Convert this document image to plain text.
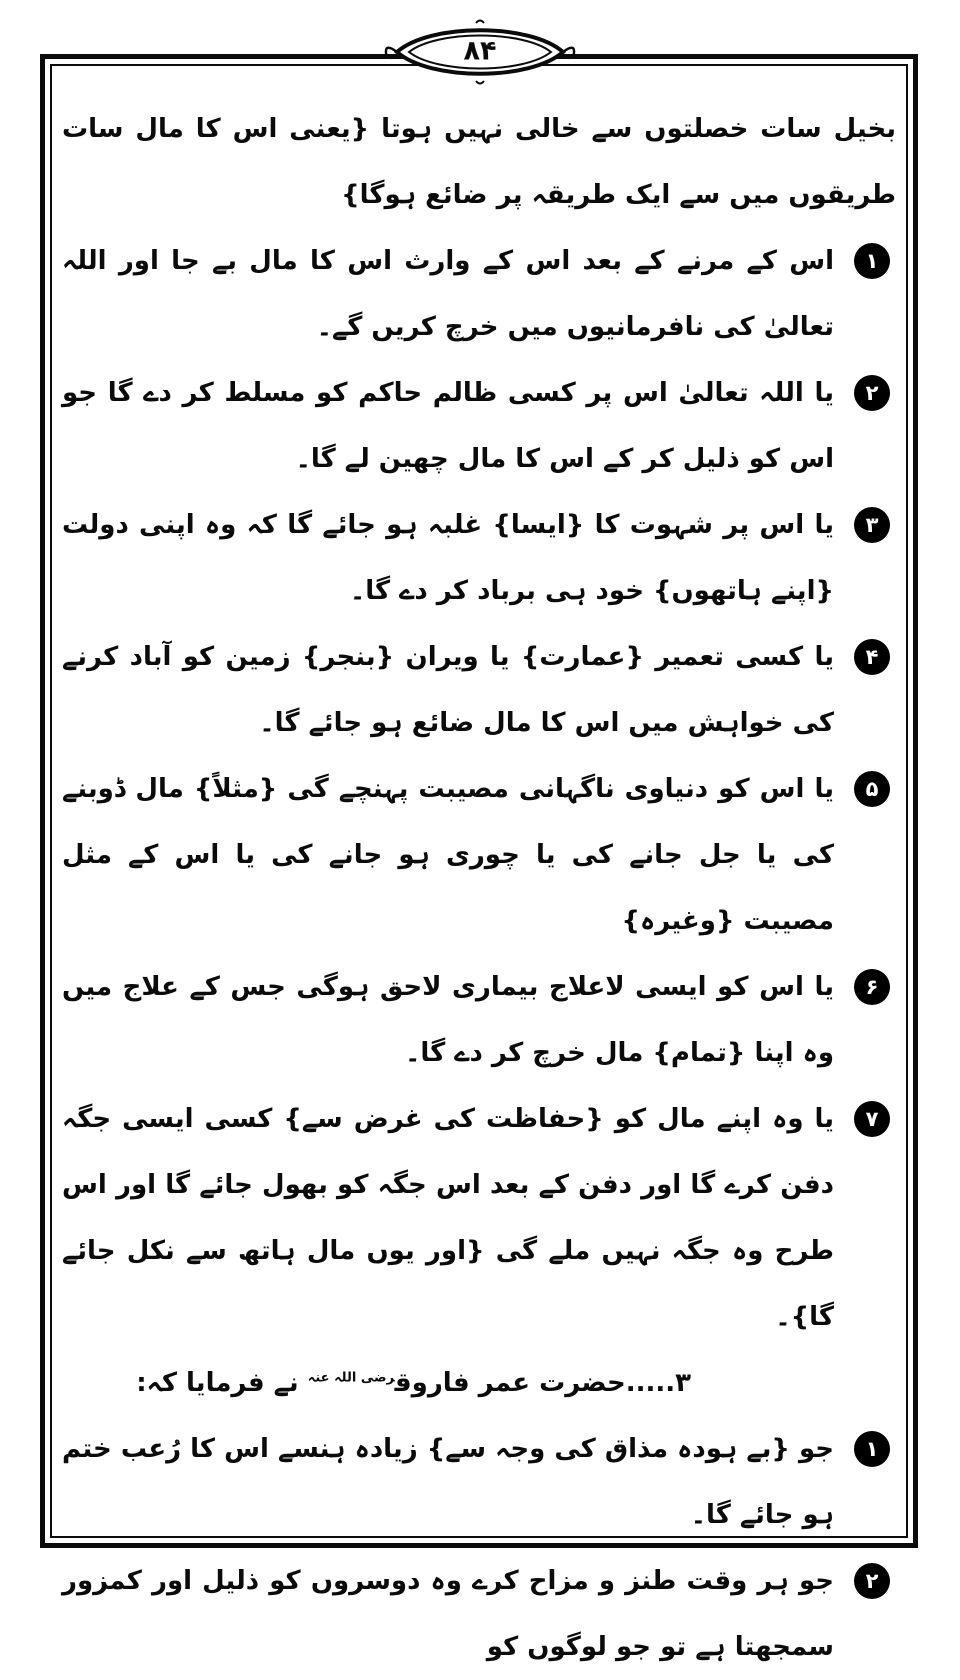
۸۴

بخیل سات خصلتوں سے خالی نہیں ہوتا {یعنی اس کا مال سات طریقوں میں سے ایک طریقہ پر ضائع ہوگا}

۱
اس کے مرنے کے بعد اس کے وارث اس کا مال بے جا اور اللہ تعالیٰ کی نافرمانیوں میں خرچ کریں گے۔
۲
یا اللہ تعالیٰ اس پر کسی ظالم حاکم کو مسلط کر دے گا جو اس کو ذلیل کر کے اس کا مال چھین لے گا۔
۳
یا اس پر شہوت کا {ایسا} غلبہ ہو جائے گا کہ وہ اپنی دولت {اپنے ہاتھوں} خود ہی برباد کر دے گا۔
۴
یا کسی تعمیر {عمارت} یا ویران {بنجر} زمین کو آباد کرنے کی خواہش میں اس کا مال ضائع ہو جائے گا۔
۵
یا اس کو دنیاوی ناگہانی مصیبت پہنچے گی {مثلاً} مال ڈوبنے کی یا جل جانے کی یا چوری ہو جانے کی یا اس کے مثل مصیبت {وغیرہ}
۶
یا اس کو ایسی لاعلاج بیماری لاحق ہوگی جس کے علاج میں وہ اپنا {تمام} مال خرچ کر دے گا۔
۷
یا وہ اپنے مال کو {حفاظت کی غرض سے} کسی ایسی جگہ دفن کرے گا اور دفن کے بعد اس جگہ کو بھول جائے گا اور اس طرح وہ جگہ نہیں ملے گی {اور یوں مال ہاتھ سے نکل جائے گا}۔

۳.....حضرت عمر فاروق$^{رضی اللہ عنہ}$ نے فرمایا کہ:

۱
جو {بے ہودہ مذاق کی وجہ سے} زیادہ ہنسے اس کا رُعب ختم ہو جائے گا۔
۲
جو ہر وقت طنز و مزاح کرے وہ دوسروں کو ذلیل اور کمزور سمجھتا ہے تو جو لوگوں کو
